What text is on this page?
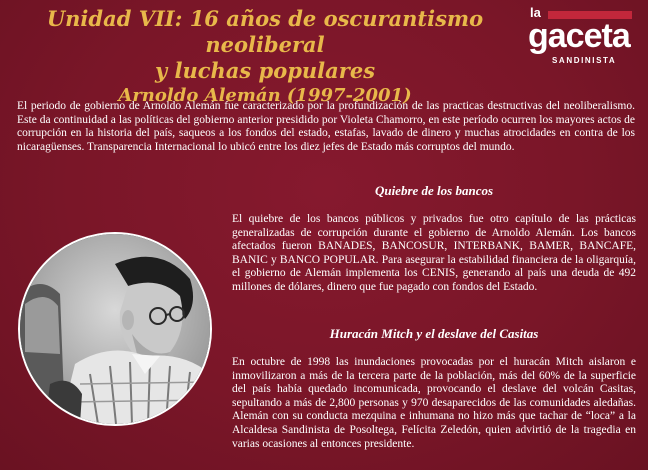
Unidad VII: 16 años de oscurantismo neoliberal
y luchas populares
Arnoldo Alemán (1997-2001)
la
gaceta
SANDINISTA

El periodo de gobierno de Arnoldo Alemán fue caracterizado por la profundización de las practicas destructivas del neoliberalismo. Este da continuidad a las políticas del gobierno anterior presidido por Violeta Chamorro, en este período ocurren los mayores actos de corrupción en la historia del país, saqueos a los fondos del estado, estafas, lavado de dinero y muchas atrocidades en contra de los nicaragüenses. Transparencia Internacional lo ubicó entre los diez jefes de Estado más corruptos del mundo.

Quiebre de los bancos

El quiebre de los bancos públicos y privados fue otro capítulo de las prácticas generalizadas de corrupción durante el gobierno de Arnoldo Alemán. Los bancos afectados fueron BANADES, BANCOSUR, INTERBANK, BAMER, BANCAFE, BANIC y BANCO POPULAR. Para asegurar la estabilidad financiera de la oligarquía, el gobierno de Alemán implementa los CENIS, generando al país una deuda de 492 millones de dólares, dinero que fue pagado con fondos del Estado.

Huracán Mitch y el deslave del Casitas

En octubre de 1998 las inundaciones provocadas por el huracán Mitch aislaron e inmovilizaron a más de la tercera parte de la población, más del 60% de la superficie del país había quedado incomunicada, provocando el deslave del volcán Casitas, sepultando a más de 2,800 personas y 970 desaparecidos de las comunidades aledañas. Alemán con su conducta mezquina e inhumana no hizo más que tachar de “loca” a la Alcaldesa Sandinista de Posoltega, Felícita Zeledón, quien advirtió de la tragedia en varias ocasiones al entonces presidente.
